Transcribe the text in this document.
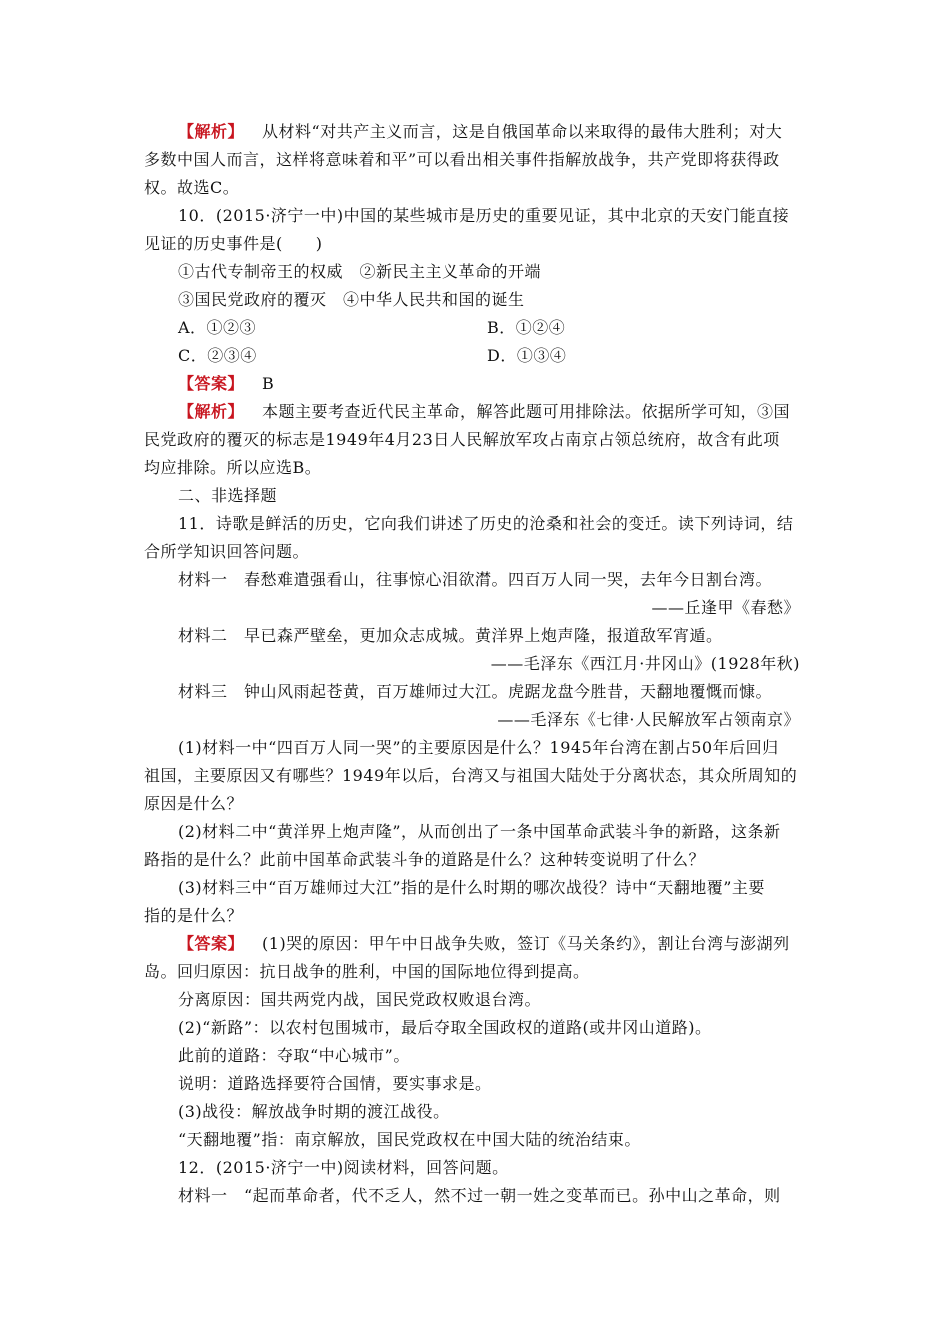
【解析】 从材料“对共产主义而言，这是自俄国革命以来取得的最伟大胜利；对大
多数中国人而言，这样将意味着和平”可以看出相关事件指解放战争，共产党即将获得政
权。故选C。
10．(2015·济宁一中)中国的某些城市是历史的重要见证，其中北京的天安门能直接
见证的历史事件是(　　)
①古代专制帝王的权威　②新民主主义革命的开端
③国民党政府的覆灭　④中华人民共和国的诞生
A．①②③	B．①②④
C．②③④	D．①③④
【答案】 B
【解析】 本题主要考查近代民主革命，解答此题可用排除法。依据所学可知，③国
民党政府的覆灭的标志是1949年4月23日人民解放军攻占南京占领总统府，故含有此项
均应排除。所以应选B。
二、非选择题
11．诗歌是鲜活的历史，它向我们讲述了历史的沧桑和社会的变迁。读下列诗词，结
合所学知识回答问题。
材料一　春愁难遣强看山，往事惊心泪欲潸。四百万人同一哭，去年今日割台湾。
——丘逢甲《春愁》
材料二　早已森严壁垒，更加众志成城。黄洋界上炮声隆，报道敌军宵遁。
——毛泽东《西江月·井冈山》(1928年秋)
材料三　钟山风雨起苍黄，百万雄师过大江。虎踞龙盘今胜昔，天翻地覆慨而慷。
——毛泽东《七律·人民解放军占领南京》
(1)材料一中“四百万人同一哭”的主要原因是什么？1945年台湾在割占50年后回归
祖国，主要原因又有哪些？1949年以后，台湾又与祖国大陆处于分离状态，其众所周知的
原因是什么？
(2)材料二中“黄洋界上炮声隆”，从而创出了一条中国革命武装斗争的新路，这条新
路指的是什么？此前中国革命武装斗争的道路是什么？这种转变说明了什么？
(3)材料三中“百万雄师过大江”指的是什么时期的哪次战役？诗中“天翻地覆”主要
指的是什么？
【答案】 (1)哭的原因：甲午中日战争失败，签订《马关条约》，割让台湾与澎湖列
岛。回归原因：抗日战争的胜利，中国的国际地位得到提高。
分离原因：国共两党内战，国民党政权败退台湾。
(2)“新路”：以农村包围城市，最后夺取全国政权的道路(或井冈山道路)。
此前的道路：夺取“中心城市”。
说明：道路选择要符合国情，要实事求是。
(3)战役：解放战争时期的渡江战役。
“天翻地覆”指：南京解放，国民党政权在中国大陆的统治结束。
12．(2015·济宁一中)阅读材料，回答问题。
材料一　“起而革命者，代不乏人，然不过一朝一姓之变革而已。孙中山之革命，则
